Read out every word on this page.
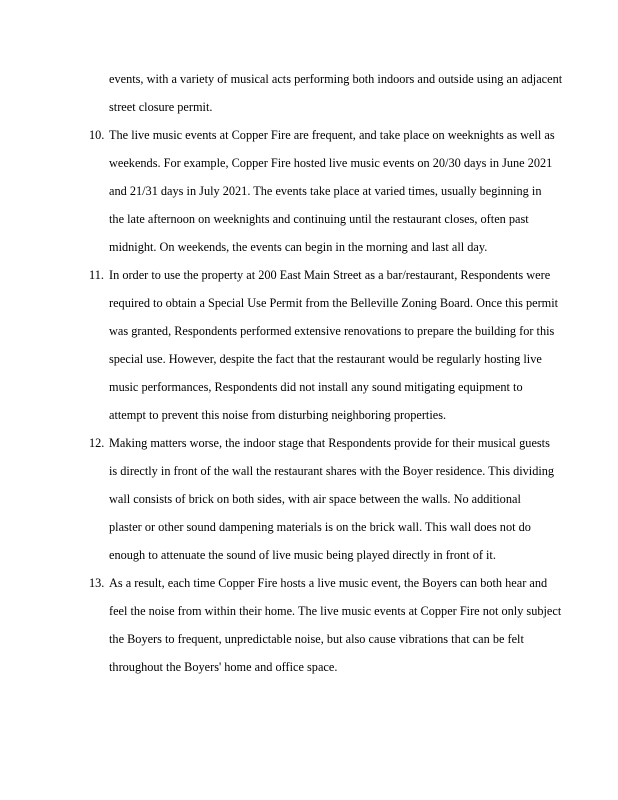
events, with a variety of musical acts performing both indoors and outside using an adjacent
street closure permit.
10. The live music events at Copper Fire are frequent, and take place on weeknights as well as
weekends. For example, Copper Fire hosted live music events on 20/30 days in June 2021
and 21/31 days in July 2021. The events take place at varied times, usually beginning in
the late afternoon on weeknights and continuing until the restaurant closes, often past
midnight. On weekends, the events can begin in the morning and last all day.
11. In order to use the property at 200 East Main Street as a bar/restaurant, Respondents were
required to obtain a Special Use Permit from the Belleville Zoning Board. Once this permit
was granted, Respondents performed extensive renovations to prepare the building for this
special use. However, despite the fact that the restaurant would be regularly hosting live
music performances, Respondents did not install any sound mitigating equipment to
attempt to prevent this noise from disturbing neighboring properties.
12. Making matters worse, the indoor stage that Respondents provide for their musical guests
is directly in front of the wall the restaurant shares with the Boyer residence. This dividing
wall consists of brick on both sides, with air space between the walls. No additional
plaster or other sound dampening materials is on the brick wall. This wall does not do
enough to attenuate the sound of live music being played directly in front of it.
13. As a result, each time Copper Fire hosts a live music event, the Boyers can both hear and
feel the noise from within their home. The live music events at Copper Fire not only subject
the Boyers to frequent, unpredictable noise, but also cause vibrations that can be felt
throughout the Boyers' home and office space.
